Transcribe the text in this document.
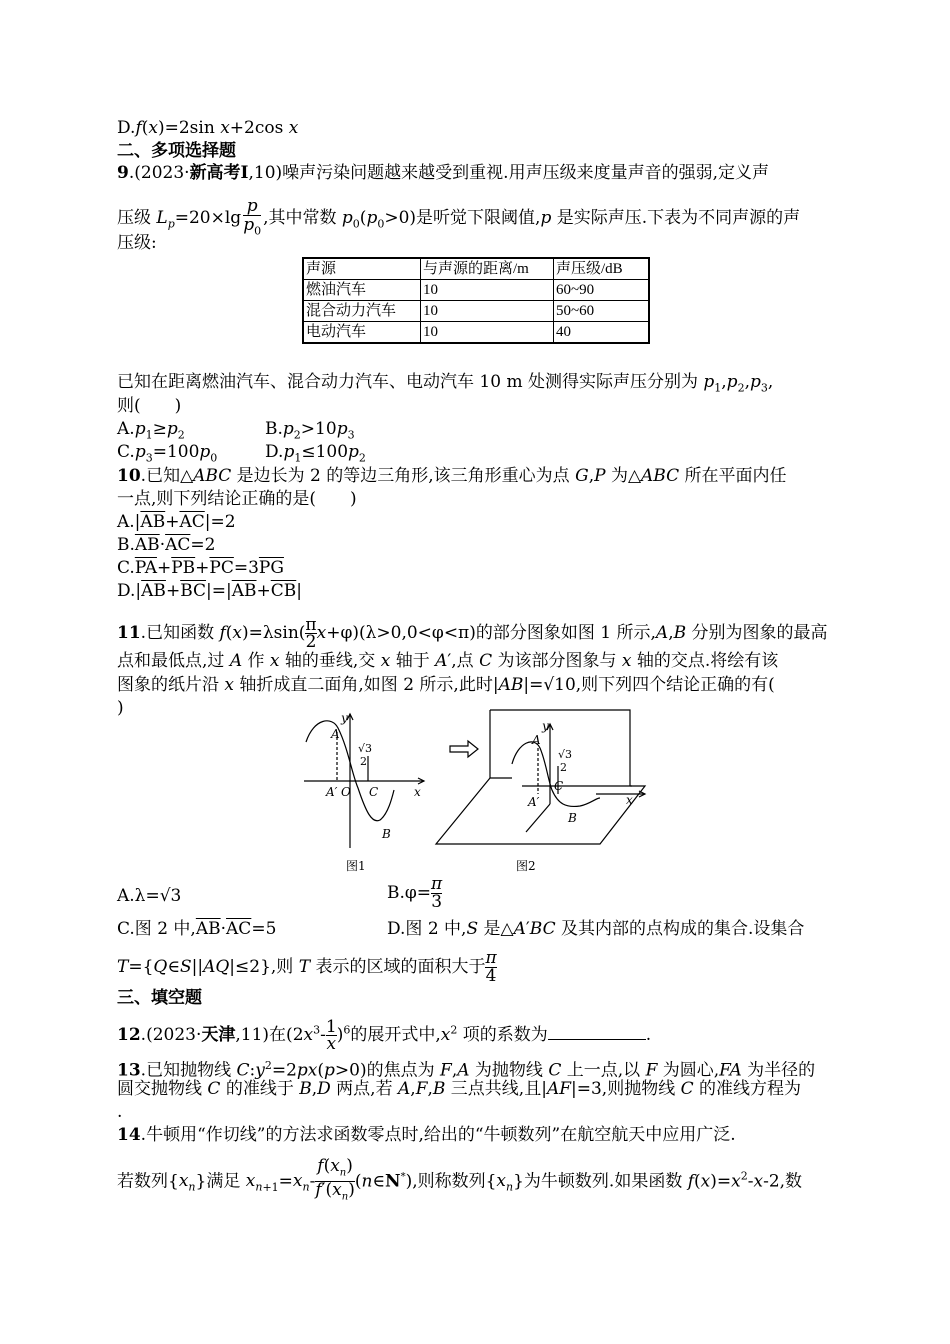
D.f(x)=2sin x+2cos x
二、多项选择题
9.(2023·新高考Ⅰ,10)噪声污染问题越来越受到重视.用声压级来度量声音的强弱,定义声
压级 $L_p=20\times\lg \frac{p}{p_0}$ ,其中常数 $p_0(p_0>0)$是听觉下限阈值,p 是实际声压.下表为不同声源的声
压级:
声源	与声源的距离/m	声压级/dB
燃油汽车	10	60~90
混合动力汽车	10	50~60
电动汽车	10	40
已知在距离燃油汽车、混合动力汽车、电动汽车 10 m 处测得实际声压分别为 $p_1,p_2,p_3$,
则(　　)
$A.p_1\ge p_2$	$B.p_2>10p_3$
$C.p_3=100p_0$	$D.p_1\le 100p_2$
10.已知△ABC 是边长为 2 的等边三角形,该三角形重心为点 G,P 为△ABC 所在平面内任
一点,则下列结论正确的是(　　)
$A.|\overline{AB}+\overline{AC}|=2$
$B.\overline{AB}\cdot\overline{AC}=2$
$C.\overline{PA}+\overline{PB}+\overline{PC}=3\overline{PG}$
$D.|\overline{AB}+\overline{BC}|=|\overline{AB}+\overline{CB}|$
11.已知函数 $f(x)=\lambda\sin( \frac{\pi}{2} x+\varphi)(\lambda>0,0<\varphi<\pi)$的部分图象如图 1 所示,A,B 分别为图象的最高
点和最低点,过 A 作 x 轴的垂线,交 x 轴于 A′,点 C 为该部分图象与 x 轴的交点.将绘有该
图象的纸片沿 x 轴折成直二面角,如图 2 所示,此时|AB|=√10,则下列四个结论正确的有(
)	y
A
√3
2
A′ O C	x
B
图1
y
A
√3
2
A′
C
x
B
图2
A.λ=√3	$B.\varphi= \frac{\pi}{3}$
C.图 2 中$,\overline{AB}\cdot\overline{AC}=5$	D.图 2 中,S 是△A′BC 及其内部的点构成的集合.设集合
T={Q∈S||AQ|≤2},则 T 表示的区域的面积大于 $\frac{\pi}{4}$
三、填空题
12.(2023·天津,11)在$(2x^3- \frac{1}{x} )^6$的展开式中$,x^2$ 项的系数为	.
13.已知抛物线 $C:y^2=2px(p>0)$的焦点为 F,A 为抛物线 C 上一点,以 F 为圆心,FA 为半径的
圆交抛物线 C 的准线于 B,D 两点,若 A,F,B 三点共线,且|AF|=3,则抛物线 C 的准线方程为
.
14.牛顿用“作切线”的方法求函数零点时,给出的“牛顿数列”在航空航天中应用广泛.
若数列$\{x_n\}$满足 $x_{n+1}=x_n- \frac{f(x_n)}{f'(x_n)}$ (n∈N*),则称数列$\{x_n\}$为牛顿数列.如果函数 $f(x)=x^2-x-2$,数
